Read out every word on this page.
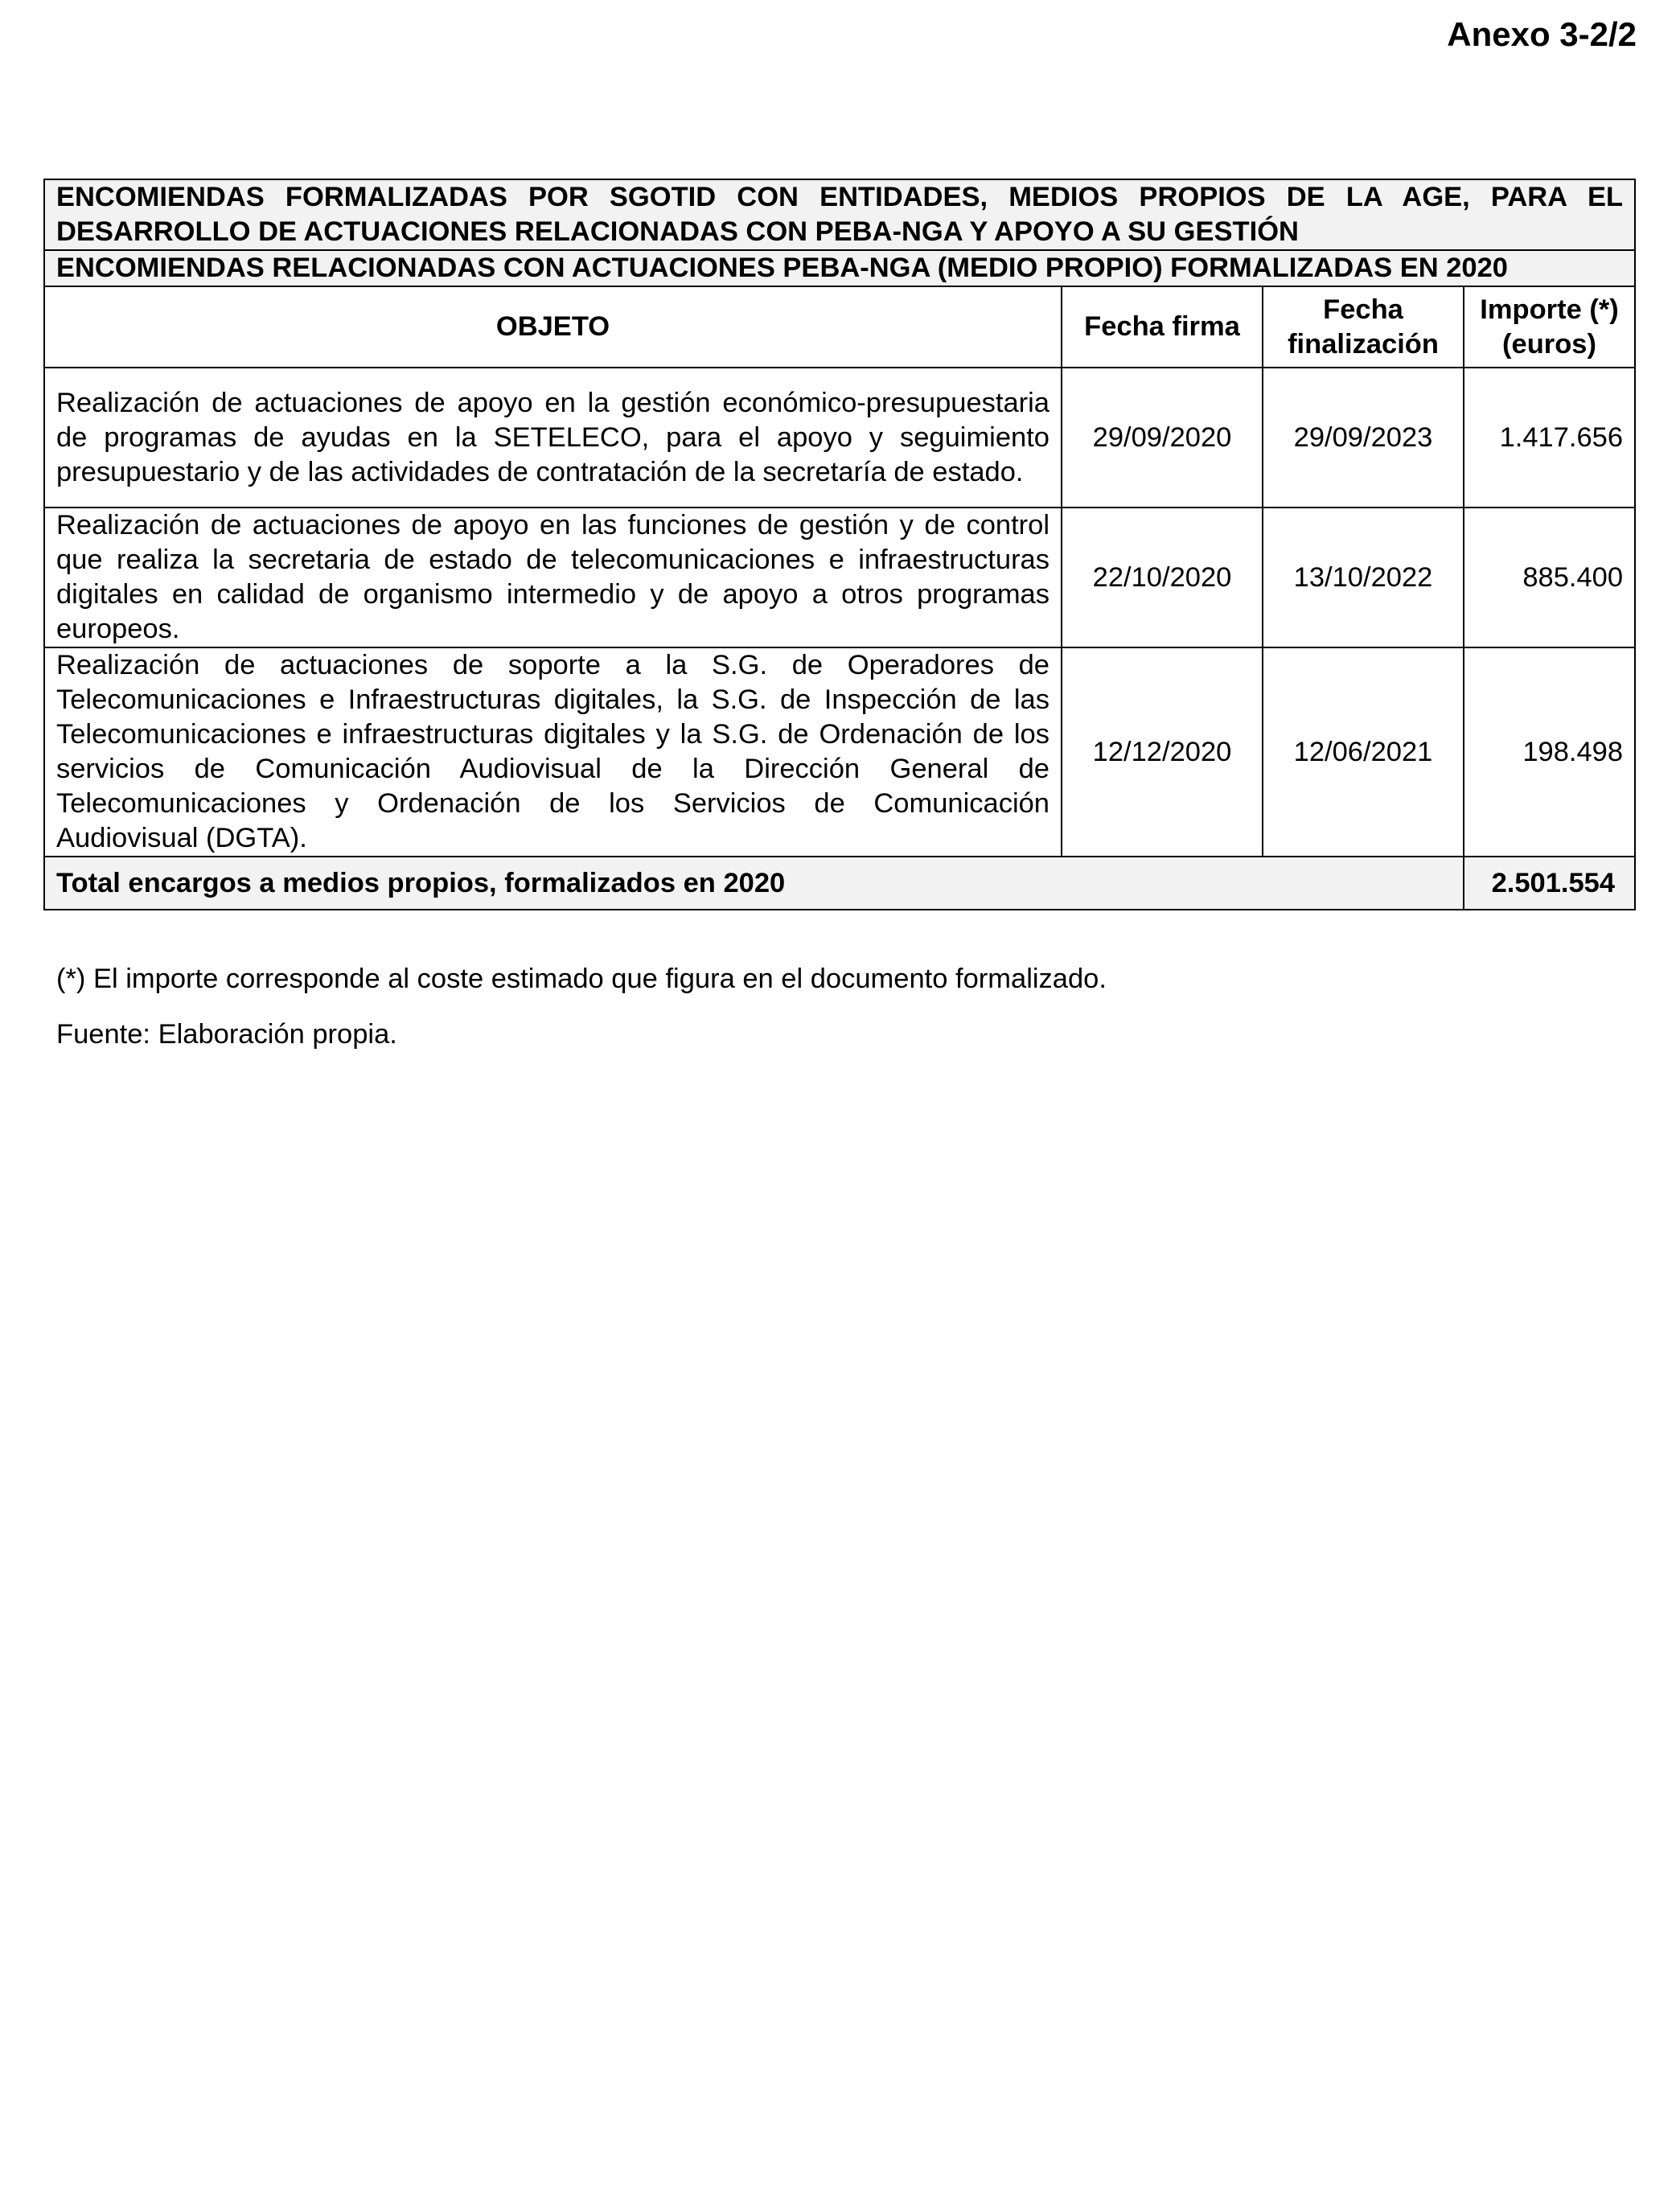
Anexo 3-2/2
ENCOMIENDAS FORMALIZADAS POR SGOTID CON ENTIDADES, MEDIOS PROPIOS DE LA AGE, PARA EL DESARROLLO DE ACTUACIONES RELACIONADAS CON PEBA-NGA Y APOYO A SU GESTIÓN			
ENCOMIENDAS RELACIONADAS CON ACTUACIONES PEBA-NGA (MEDIO PROPIO) FORMALIZADAS EN 2020			
OBJETO	Fecha firma	Fecha finalización	Importe (*) (euros)
Realización de actuaciones de apoyo en la gestión económico-presupuestaria de programas de ayudas en la SETELECO, para el apoyo y seguimiento presupuestario y de las actividades de contratación de la secretaría de estado.	29/09/2020	29/09/2023	1.417.656
Realización de actuaciones de apoyo en las funciones de gestión y de control que realiza la secretaria de estado de telecomunicaciones e infraestructuras digitales en calidad de organismo intermedio y de apoyo a otros programas europeos.	22/10/2020	13/10/2022	885.400
Realización de actuaciones de soporte a la S.G. de Operadores de Telecomunicaciones e Infraestructuras digitales, la S.G. de Inspección de las Telecomunicaciones e infraestructuras digitales y la S.G. de Ordenación de los servicios de Comunicación Audiovisual de la Dirección General de Telecomunicaciones y Ordenación de los Servicios de Comunicación Audiovisual (DGTA).	12/12/2020	12/06/2021	198.498
Total encargos a medios propios, formalizados en 2020			2.501.554
(*) El importe corresponde al coste estimado que figura en el documento formalizado.
Fuente: Elaboración propia.
